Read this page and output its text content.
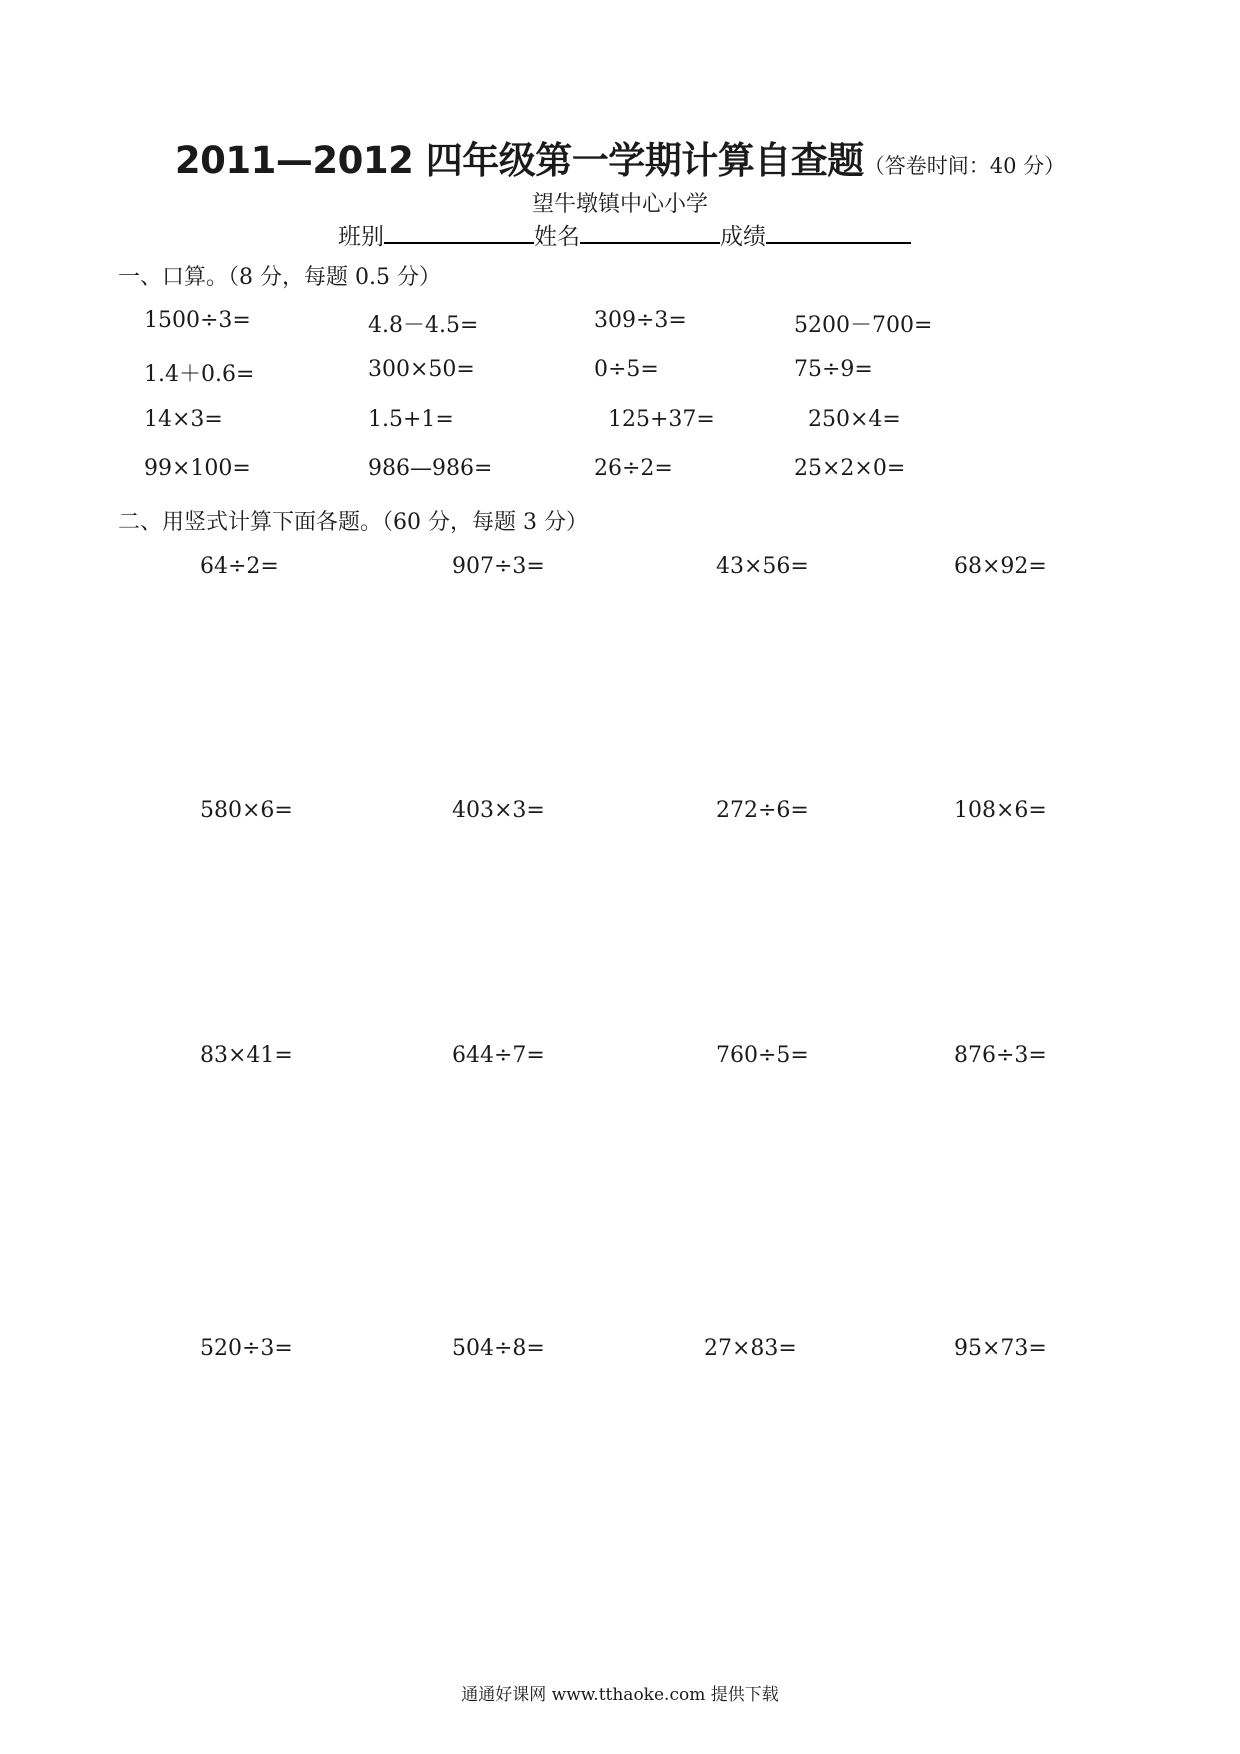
2011—2012 四年级第一学期计算自查题（答卷时间：40 分）
望牛墩镇中心小学
班别	姓名	成绩
一、口算。（8 分，每题 0.5 分）
1500÷3=	4.8－4.5=	309÷3=	5200－700=
1.4＋0.6=	300×50=	0÷5=	75÷9=
14×3=	1.5+1=	125+37=	250×4=
99×100=	986—986=	26÷2=	25×2×0=
二、用竖式计算下面各题。（60 分，每题 3 分）
64÷2=	907÷3=	43×56=	68×92=
580×6=	403×3=	272÷6=	108×6=
83×41=	644÷7=	760÷5=	876÷3=
520÷3=	504÷8=	27×83=	95×73=
通通好课网 www.tthaoke.com 提供下载
